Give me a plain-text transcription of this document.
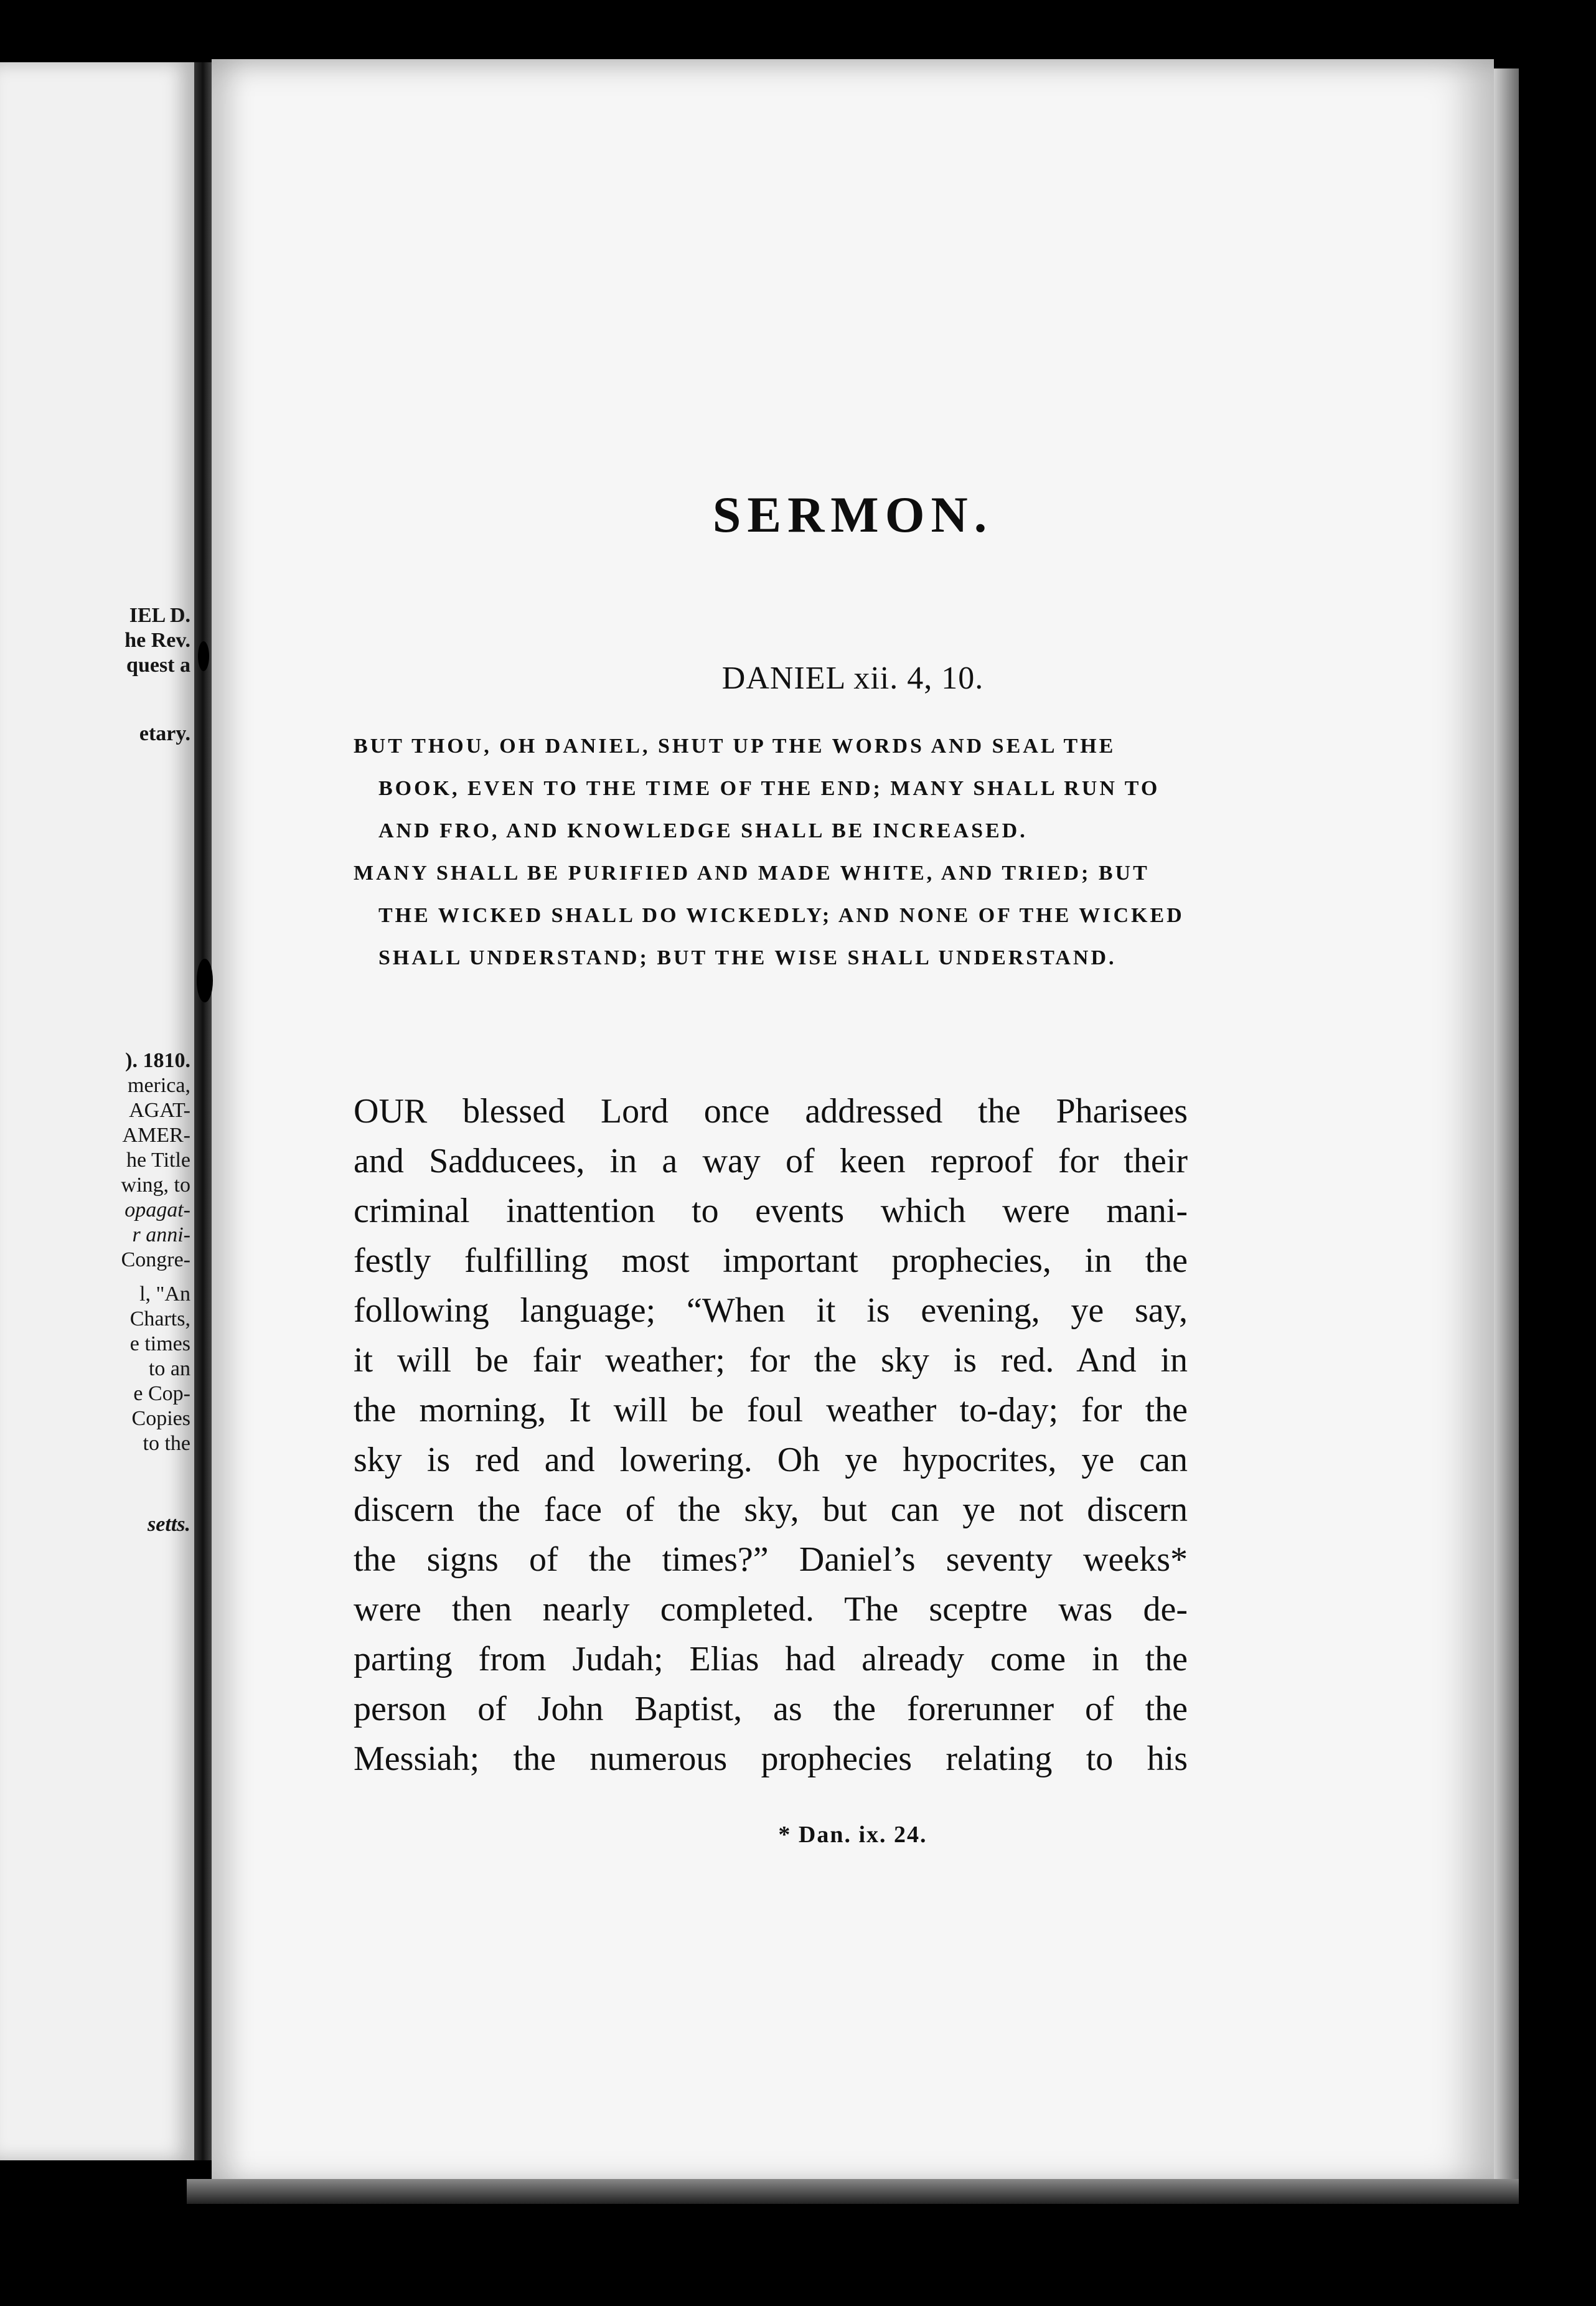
IEL D.
he Rev.
quest a
etary.
). 1810.
merica,
AGAT-
AMER-
he Title
wing, to
opagat-
r anni-
Congre-
l, "An
Charts,
e times
to an
e Cop-
Copies
to the
setts.
SERMON.
DANIEL xii. 4, 10.

BUT THOU, OH DANIEL, SHUT UP THE WORDS AND SEAL THE BOOK, EVEN TO THE TIME OF THE END; MANY SHALL RUN TO AND FRO, AND KNOWLEDGE SHALL BE INCREASED.

MANY SHALL BE PURIFIED AND MADE WHITE, AND TRIED; BUT THE WICKED SHALL DO WICKEDLY; AND NONE OF THE WICKED SHALL UNDERSTAND; BUT THE WISE SHALL UNDERSTAND.

OUR blessed Lord once addressed the Pharisees
and Sadducees, in a way of keen reproof for their
criminal inattention to events which were mani-
festly fulfilling most important prophecies, in the
following language; “When it is evening, ye say,
it will be fair weather; for the sky is red. And in
the morning, It will be foul weather to-day; for the
sky is red and lowering. Oh ye hypocrites, ye can
discern the face of the sky, but can ye not discern
the signs of the times?” Daniel’s seventy weeks*
were then nearly completed. The sceptre was de-
parting from Judah; Elias had already come in the
person of John Baptist, as the forerunner of the
Messiah; the numerous prophecies relating to his
* Dan. ix. 24.
